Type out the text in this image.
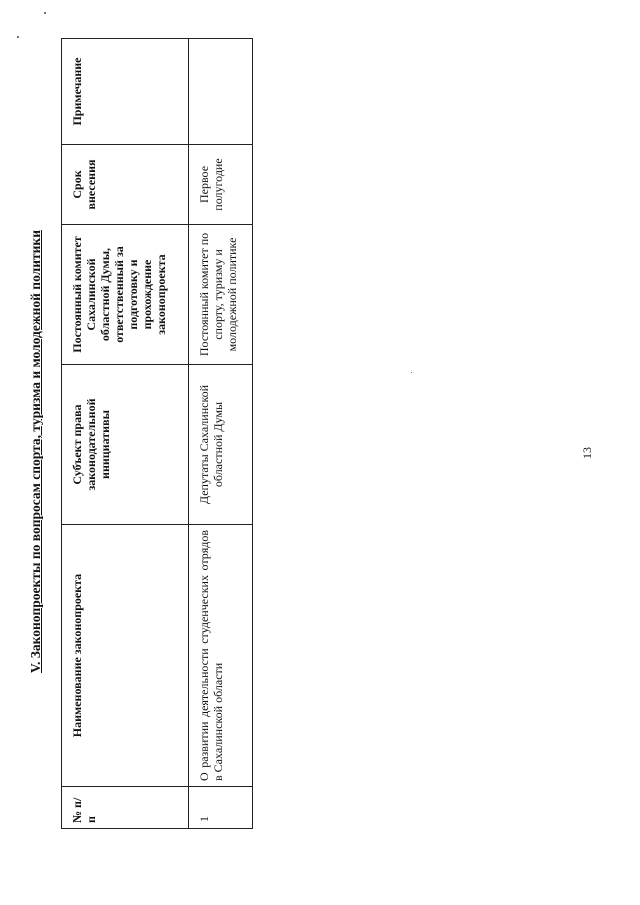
V. Законопроекты по вопросам спорта, туризма и молодежной политики
№ п/п	Наименование законопроекта	Субъект права законодательной инициативы	Постоянный комитет Сахалинской областной Думы, ответственный за подготовку и прохождение законопроекта	Срок внесения	Примечание
1	О развитии деятельности студенческих отрядов в Сахалинской области	Депутаты Сахалинской областной Думы	Постоянный комитет по спорту, туризму и молодежной политике	Первое полугодие	
13
